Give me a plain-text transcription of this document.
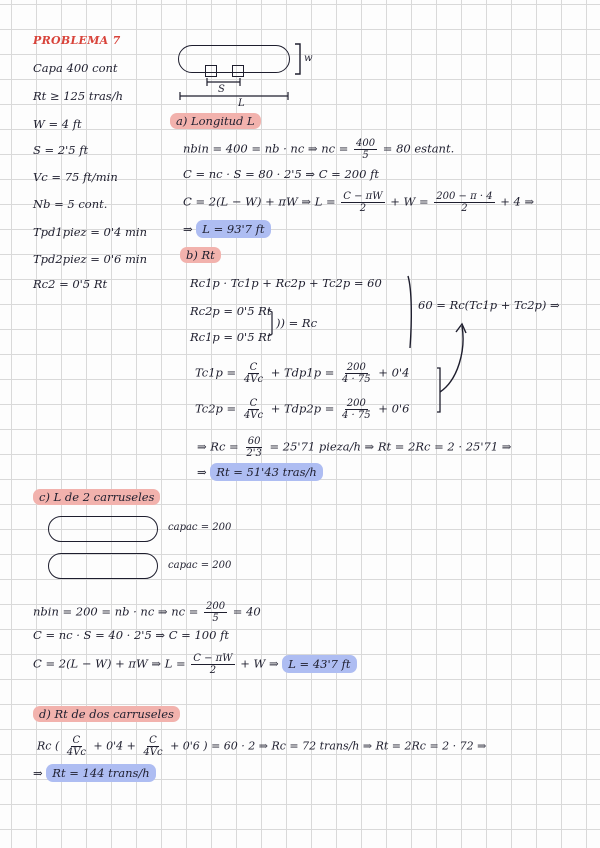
PROBLEMA 7
Capa 400 cont
Rt ≥ 125 tras/h
W = 4 ft
S = 2'5 ft
Vc = 75 ft/min
Nb = 5 cont.
Tpd1piez = 0'4 min
Tpd2piez = 0'6 min
Rc2 = 0'5 Rt
w
S
L
a) Longitud L
nbin = 400 = nb · nc ⇒ nc = $\frac{400}{5} = 80$ estant.
C = nc · S = 80 · 2'5 ⇒ C = 200 ft
C = 2(L − W) + πW ⇒ $L = \frac{C - \pi W}{2} + W = \frac{200 - \pi \cdot 4}{2} + 4$ ⇒
⇒ L = 93'7 ft
b) Rt
Rc1p · Tc1p + Rc2p + Tc2p = 60
Rc2p = 0'5 Rt
Rc1p = 0'5 Rt
)) = Rc
60 = Rc(Tc1p + Tc2p) ⇒
$Tc1p = \frac{C}{4Vc} + Tdp1p = \frac{200}{4 \cdot 75} + 0'4$
$Tc2p = \frac{C}{4Vc} + Tdp2p = \frac{200}{4 \cdot 75} + 0'6$
⇒ $Rc = \frac{60}{2'3} = 25'71$ pieza/h ⇒ Rt = 2Rc = 2 · 25'71 ⇒
⇒ Rt = 51'43 tras/h
c) L de 2 carruseles
capac = 200
capac = 200
nbin = 200 = nb · nc ⇒ nc = $\frac{200}{5} = 40$
C = nc · S = 40 · 2'5 ⇒ C = 100 ft
C = 2(L − W) + πW ⇒ $L = \frac{C - \pi W}{2} + W$ ⇒ L = 43'7 ft
d) Rt de dos carruseles
Rc ( $\frac{C}{4Vc} + 0'4 + \frac{C}{4Vc} + 0'6$ ) = 60 · 2 ⇒ Rc = 72 trans/h ⇒ Rt = 2Rc = 2 · 72 ⇒
⇒ Rt = 144 trans/h
